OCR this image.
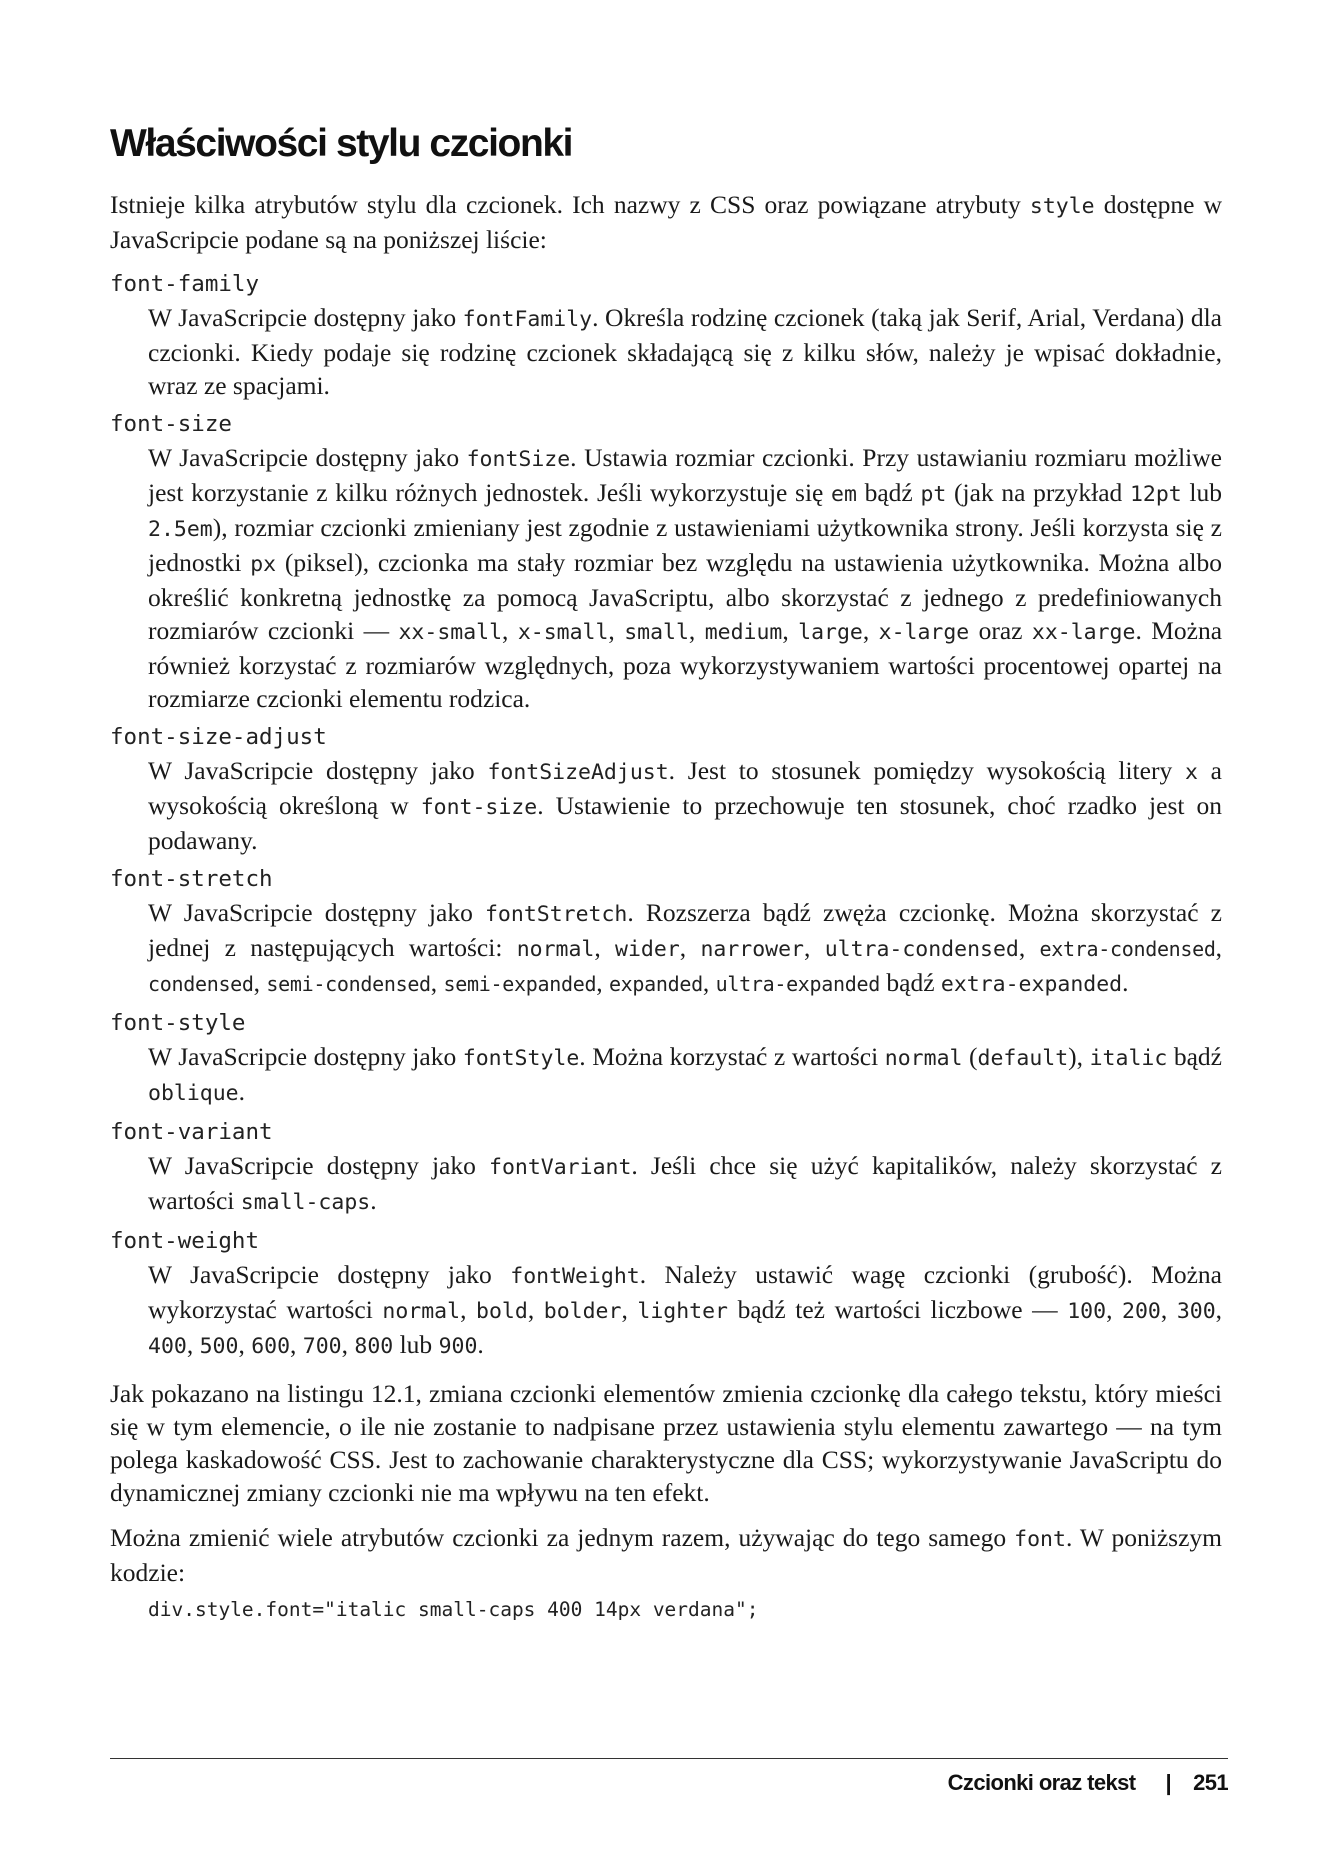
Właściwości stylu czcionki

Istnieje kilka atrybutów stylu dla czcionek. Ich nazwy z CSS oraz powiązane atrybuty style dostępne w JavaScripcie podane są na poniższej liście:

font-family
W JavaScripcie dostępny jako fontFamily. Określa rodzinę czcionek (taką jak Serif, Arial, Verdana) dla czcionki. Kiedy podaje się rodzinę czcionek składającą się z kilku słów, należy je wpisać dokładnie, wraz ze spacjami.
font-size
W JavaScripcie dostępny jako fontSize. Ustawia rozmiar czcionki. Przy ustawianiu rozmiaru możliwe jest korzystanie z kilku różnych jednostek. Jeśli wykorzystuje się em bądź pt (jak na przykład 12pt lub 2.5em), rozmiar czcionki zmieniany jest zgodnie z ustawieniami użytkownika strony. Jeśli korzysta się z jednostki px (piksel), czcionka ma stały rozmiar bez względu na ustawienia użytkownika. Można albo określić konkretną jednostkę za pomocą JavaScriptu, albo skorzystać z jednego z predefiniowanych rozmiarów czcionki — xx-small, x-small, small, medium, large, x-large oraz xx-large. Można również korzystać z rozmiarów względnych, poza wykorzystywaniem wartości procentowej opartej na rozmiarze czcionki elementu rodzica.
font-size-adjust
W JavaScripcie dostępny jako fontSizeAdjust. Jest to stosunek pomiędzy wysokością litery x a wysokością określoną w font-size. Ustawienie to przechowuje ten stosunek, choć rzadko jest on podawany.
font-stretch
W JavaScripcie dostępny jako fontStretch. Rozszerza bądź zwęża czcionkę. Można skorzystać z jednej z następujących wartości: normal, wider, narrower, ultra-condensed, extra-condensed, condensed, semi-condensed, semi-expanded, expanded, ultra-expanded bądź extra-expanded.
font-style
W JavaScripcie dostępny jako fontStyle. Można korzystać z wartości normal (default), italic bądź oblique.
font-variant
W JavaScripcie dostępny jako fontVariant. Jeśli chce się użyć kapitalików, należy skorzystać z wartości small-caps.
font-weight
W JavaScripcie dostępny jako fontWeight. Należy ustawić wagę czcionki (grubość). Można wykorzystać wartości normal, bold, bolder, lighter bądź też wartości liczbowe — 100, 200, 300, 400, 500, 600, 700, 800 lub 900.

Jak pokazano na listingu 12.1, zmiana czcionki elementów zmienia czcionkę dla całego tekstu, który mieści się w tym elemencie, o ile nie zostanie to nadpisane przez ustawienia stylu elementu zawartego — na tym polega kaskadowość CSS. Jest to zachowanie charakterystyczne dla CSS; wykorzystywanie JavaScriptu do dynamicznej zmiany czcionki nie ma wpływu na ten efekt.

Można zmienić wiele atrybutów czcionki za jednym razem, używając do tego samego font. W poniższym kodzie:

div.style.font="italic small-caps 400 14px verdana";
Czcionki oraz tekst | 251
